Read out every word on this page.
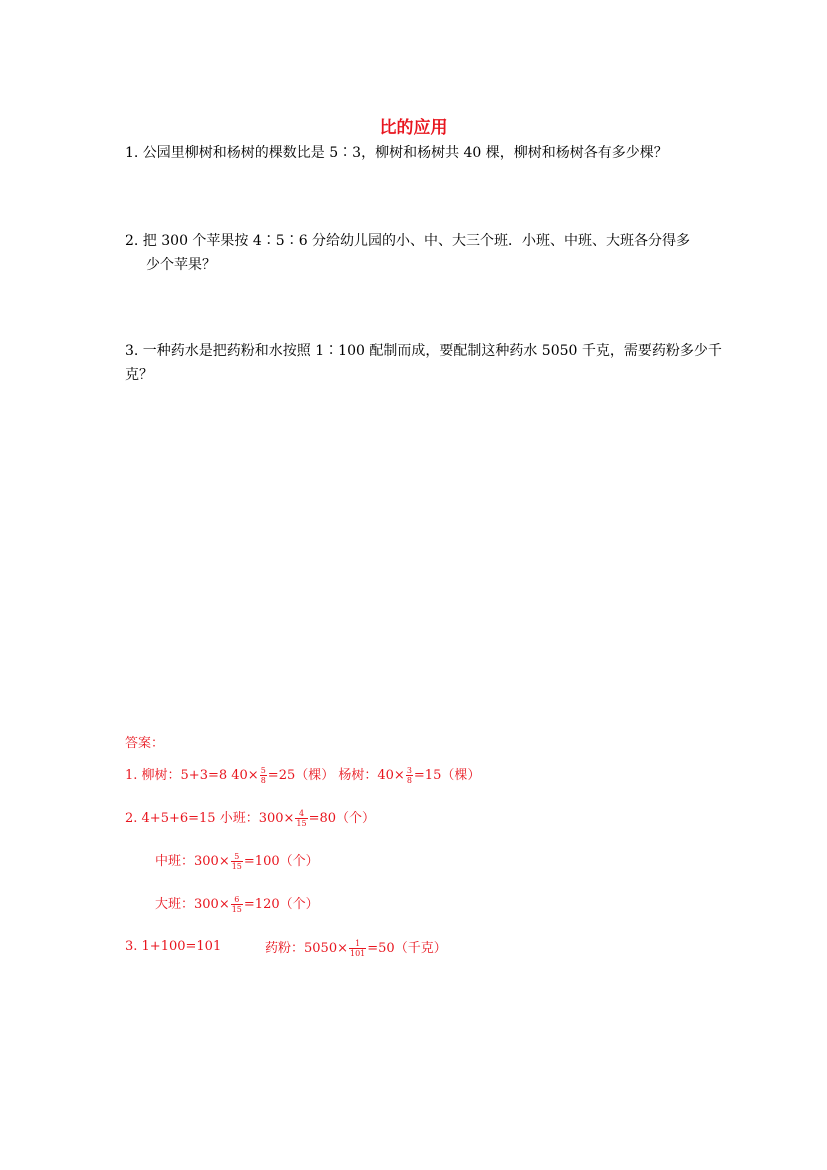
比的应用
1. 公园里柳树和杨树的棵数比是 5∶3，柳树和杨树共 40 棵，柳树和杨树各有多少棵？
2. 把 300 个苹果按 4∶5∶6 分给幼儿园的小、中、大三个班．小班、中班、大班各分得多
少个苹果？
3. 一种药水是把药粉和水按照 1∶100 配制而成，要配制这种药水 5050 千克，需要药粉多少千
克？
答案：
1. 柳树：5+3=8 $40\times \frac{5}{8} =25$（棵） 杨树：$40\times \frac{3}{8} =15$（棵）
2. 4+5+6=15 小班：$300\times \frac{4}{15} =80$（个）
中班：$300\times \frac{5}{15} =100$（个）
大班：$300\times \frac{6}{15} =120$（个）
3. 1+100=101	药粉：$5050\times \frac{1}{101} =50$（千克）
